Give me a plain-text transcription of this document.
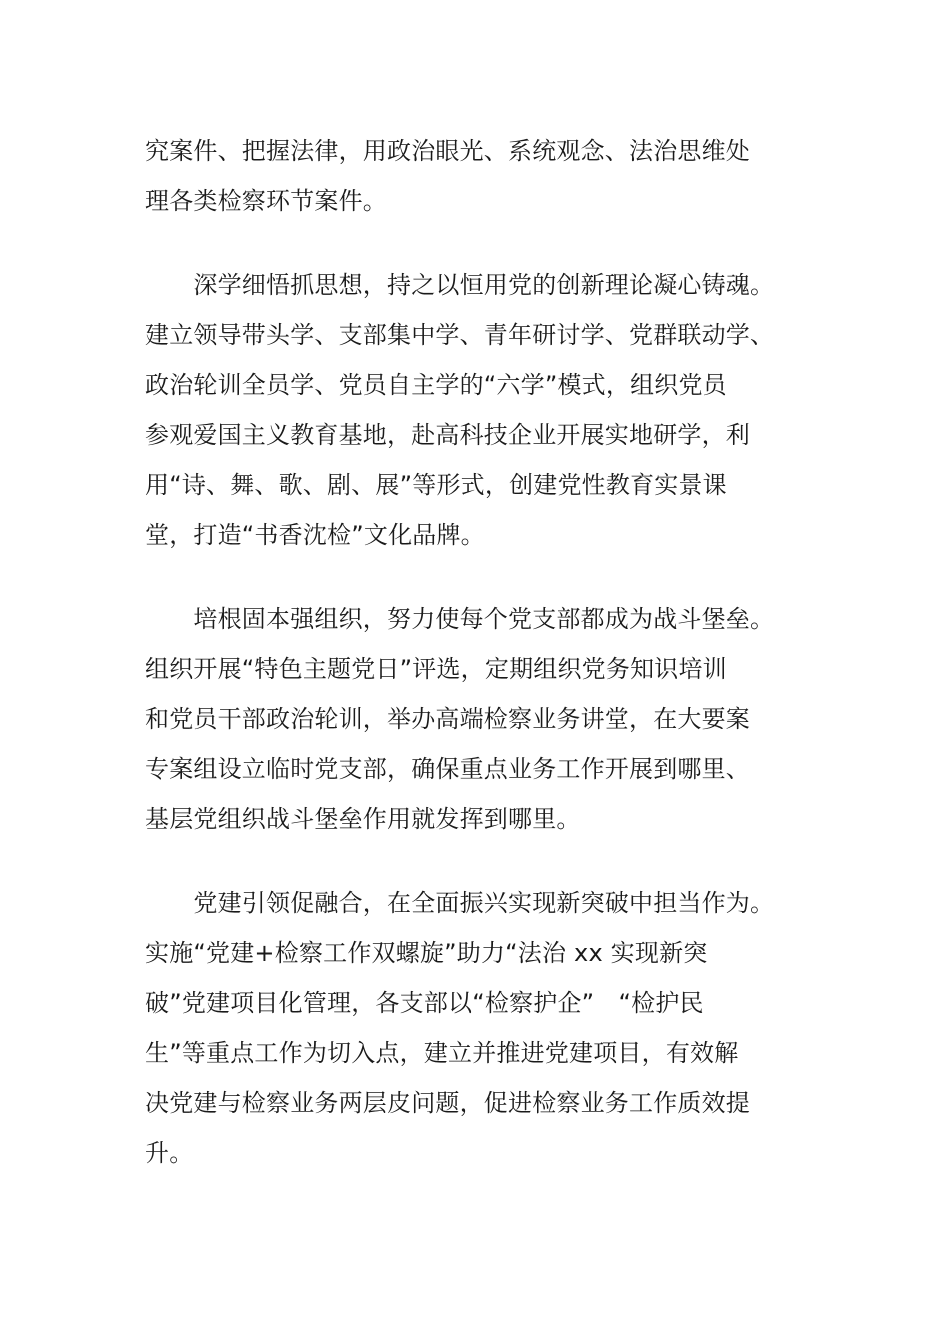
究案件、把握法律，用政治眼光、系统观念、法治思维处
理各类检察环节案件。
　　深学细悟抓思想，持之以恒用党的创新理论凝心铸魂。
建立领导带头学、支部集中学、青年研讨学、党群联动学、
政治轮训全员学、党员自主学的“六学”模式，组织党员
参观爱国主义教育基地，赴高科技企业开展实地研学，利
用“诗、舞、歌、剧、展”等形式，创建党性教育实景课
堂，打造“书香沈检”文化品牌。
　　培根固本强组织，努力使每个党支部都成为战斗堡垒。
组织开展“特色主题党日”评选，定期组织党务知识培训
和党员干部政治轮训，举办高端检察业务讲堂，在大要案
专案组设立临时党支部，确保重点业务工作开展到哪里、
基层党组织战斗堡垒作用就发挥到哪里。
　　党建引领促融合，在全面振兴实现新突破中担当作为。
实施“党建+检察工作双螺旋”助力“法治 xx 实现新突
破”党建项目化管理，各支部以“检察护企”　“检护民
生”等重点工作为切入点，建立并推进党建项目，有效解
决党建与检察业务两层皮问题，促进检察业务工作质效提
升。
